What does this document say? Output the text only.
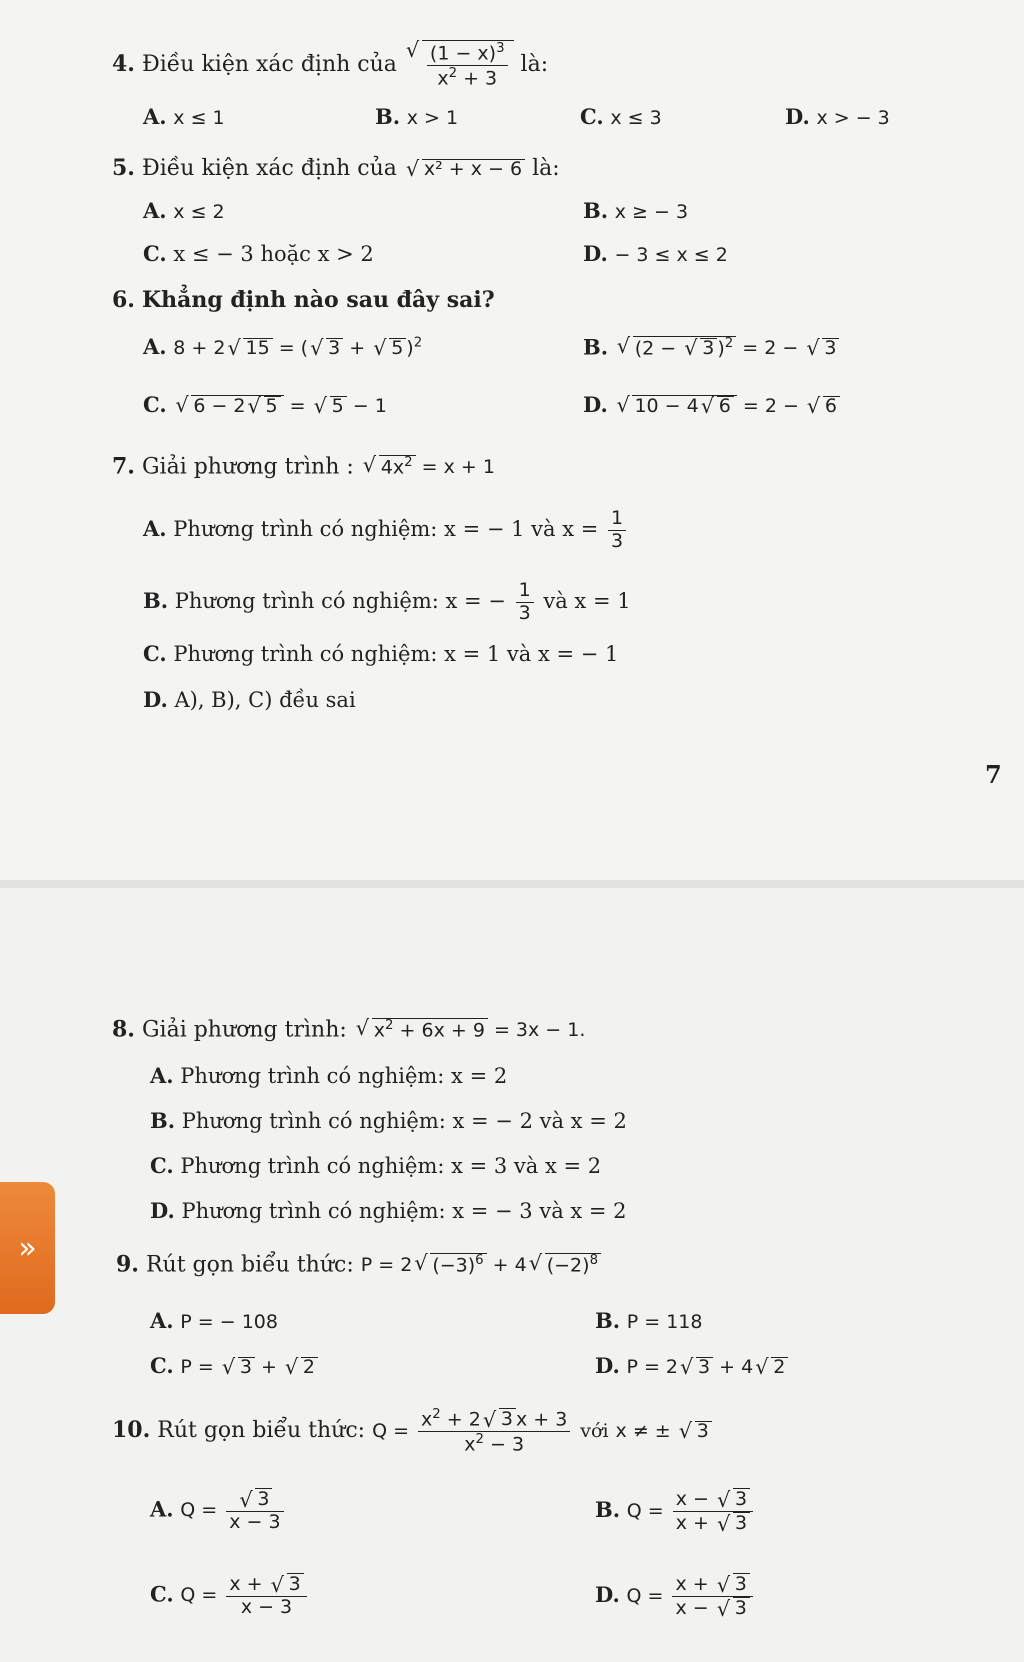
4. Điều kiện xác định của
√ $\frac{(1 - x)^3}{x^2 + 3}$ là:
A. x ≤ 1	B. x > 1	C. x ≤ 3	D. x > − 3
5. Điều kiện xác định của √ x² + x − 6 là:
A. x ≤ 2	B. x ≥ − 3
C. x ≤ − 3 hoặc x > 2	D. − 3 ≤ x ≤ 2
6. Khẳng định nào sau đây sai?
A. 8 + 2√ 15 = (√ 3 + √ 5 )$^2$	B. √ (2 − √ 3 )$^2$ = 2 − √ 3
C. √ 6 − 2√ 5 = √ 5 − 1	D. √ 10 − 4√ 6 = 2 − √ 6
7. Giải phương trình : √ $4x^2 = x + 1$
A. Phương trình có nghiệm: x = − 1 và $x = \frac{1}{3}$
B. Phương trình có nghiệm: x = − $\frac{1}{3}$ và x = 1
C. Phương trình có nghiệm: x = 1 và x = − 1
D. A), B), C) đều sai
7
8. Giải phương trình: √ $x^2 + 6x + 9 = 3x - 1$.
A. Phương trình có nghiệm: x = 2
B. Phương trình có nghiệm: x = − 2 và x = 2
C. Phương trình có nghiệm: x = 3 và x = 2
D. Phương trình có nghiệm: x = − 3 và x = 2
9. Rút gọn biểu thức: P = 2√ $(-3)^6 + 4√$ $(-2)^8$
A. P = − 108	B. P = 118
C. P = √ 3 + √ 2	D. P = 2√ 3 + 4√ 2
10. Rút gọn biểu thức: $Q = \frac{x^2 + 2√ 3 x + 3}{x^2 - 3}$ với x ≠ ± √ 3
A. Q =
√ $\frac{3}{x - 3}$	B. $Q = \frac{x - √ 3}{x + √ 3}$
C. $Q = \frac{x + √ 3}{x - 3}$	D. $Q = \frac{x + √ 3}{x - √ 3}$
»
